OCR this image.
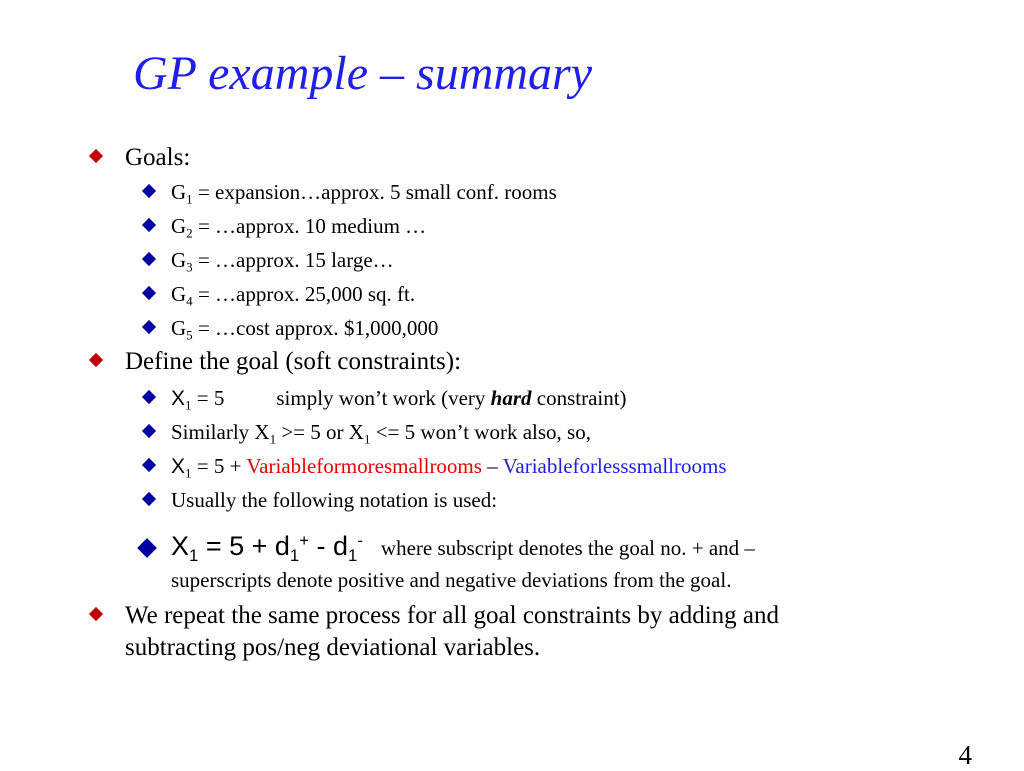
GP example – summary
Goals:
$G_1$ = expansion…approx. 5 small conf. rooms
$G_2$ = …approx. 10 medium …
$G_3$ = …approx. 15 large…
$G_4$ = …approx. 25,000 sq. ft.
$G_5$ = …cost approx. $1,000,000
Define the goal (soft constraints):
$X_1 = 5$ simply won’t work (very hard constraint)
Similarly $X_1 >= 5$ or $X_1 <= 5$ won’t work also, so,
$X_1 = 5$ + Variableformoresmallrooms – Variableforlesssmallrooms
Usually the following notation is used:
$X_1 = 5 + d_1^+ - d_1^-$ where subscript denotes the goal no. + and –
superscripts denote positive and negative deviations from the goal.
We repeat the same process for all goal constraints by adding and
subtracting pos/neg deviational variables.
4
